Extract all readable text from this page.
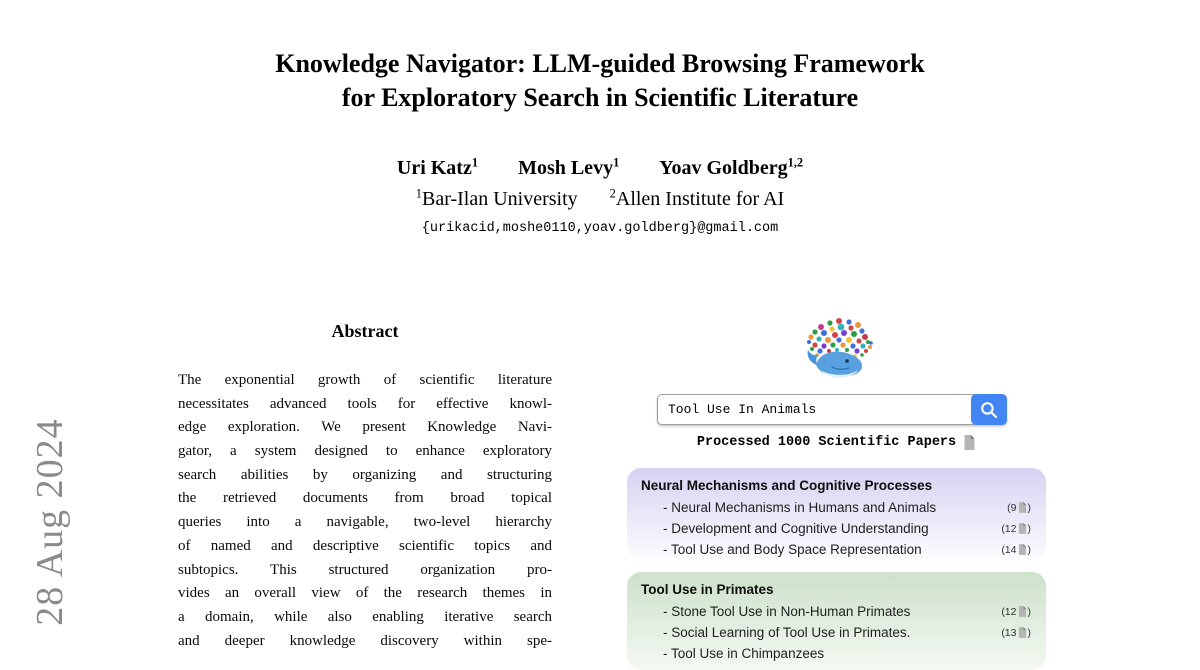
28 Aug 2024
Knowledge Navigator: LLM-guided Browsing Framework
for Exploratory Search in Scientific Literature
Uri Katz$^1$ Mosh Levy$^1$ Yoav Goldberg$^{1,2}$
$^1$Bar-Ilan University	$^2$Allen Institute for AI
{urikacid,moshe0110,yoav.goldberg}@gmail.com
Abstract
The exponential growth of scientific literature
necessitates advanced tools for effective knowl-
edge exploration. We present Knowledge Navi-
gator, a system designed to enhance exploratory
search abilities by organizing and structuring
the retrieved documents from broad topical
queries into a navigable, two-level hierarchy
of named and descriptive scientific topics and
subtopics. This structured organization pro-
vides an overall view of the research themes in
a domain, while also enabling iterative search
and deeper knowledge discovery within spe-
Tool Use In Animals
Processed 1000 Scientific Papers
Neural Mechanisms and Cognitive Processes
- Neural Mechanisms in Humans and Animals	(9 )
- Development and Cognitive Understanding	(12 )
- Tool Use and Body Space Representation	(14 )
Tool Use in Primates
- Stone Tool Use in Non-Human Primates	(12 )
- Social Learning of Tool Use in Primates.	(13 )
- Tool Use in Chimpanzees
